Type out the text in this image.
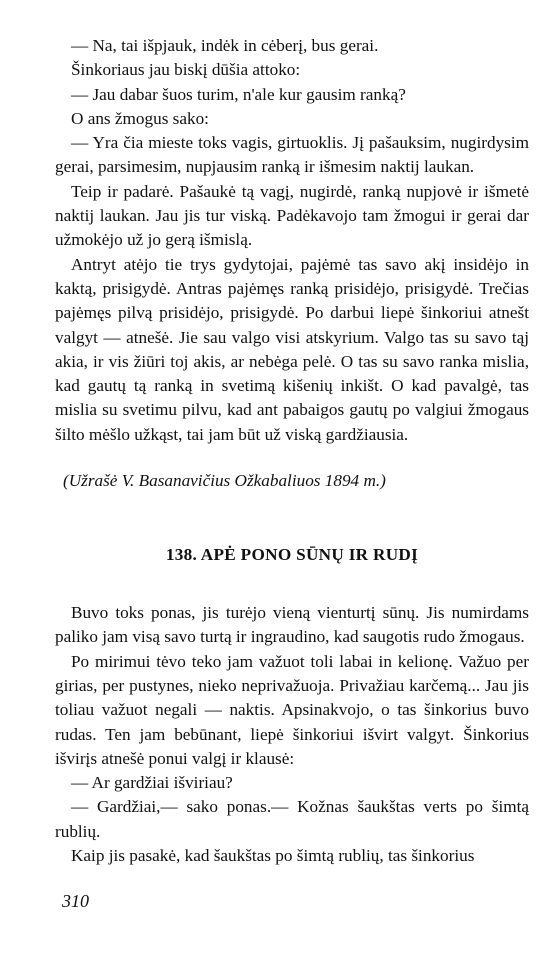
— Na, tai išpjauk, indėk in cėberį, bus gerai.

Šinkoriaus jau biskį dūšia attoko:

— Jau dabar šuos turim, n'ale kur gausim ranką?

O ans žmogus sako:

— Yra čia mieste toks vagis, girtuoklis. Jį pašauksim, nugirdysim gerai, parsimesim, nupjausim ranką ir išmesim naktij laukan.

Teip ir padarė. Pašaukė tą vagį, nugirdė, ranką nupjovė ir išmetė naktij laukan. Jau jis tur viską. Padėkavojo tam žmogui ir gerai dar užmokėjo už jo gerą išmislą.

Antryt atėjo tie trys gydytojai, pajėmė tas savo akį insidėjo in kaktą, prisigydė. Antras pajėmęs ranką prisidėjo, prisigydė. Trečias pajėmęs pilvą prisidėjo, prisigydė. Po darbui liepė šinkoriui atnešt valgyt — atnešė. Jie sau valgo visi atskyrium. Valgo tas su savo tąj akia, ir vis žiūri toj akis, ar nebėga pelė. O tas su savo ranka mislia, kad gautų tą ranką in svetimą kišenių inkišt. O kad pavalgė, tas mislia su svetimu pilvu, kad ant pabaigos gautų po valgiui žmogaus šilto mėšlo užkąst, tai jam būt už viską gardžiausia.

(Užrašė V. Basanavičius Ožkabaliuos 1894 m.)

138. APĖ PONO SŪNŲ IR RUDĮ

Buvo toks ponas, jis turėjo vieną vienturtį sūnų. Jis numirdams paliko jam visą savo turtą ir ingraudino, kad saugotis rudo žmogaus.

Po mirimui tėvo teko jam važuot toli labai in kelionę. Važuo per girias, per pustynes, nieko neprivažuoja. Privažiau karčemą... Jau jis toliau važuot negali — naktis. Apsinakvojo, o tas šinkorius buvo rudas. Ten jam bebūnant, liepė šinkoriui išvirt valgyt. Šinkorius išvirįs atnešė ponui valgį ir klausė:

— Ar gardžiai išviriau?

— Gardžiai,— sako ponas.— Kožnas šaukštas verts po šimtą rublių.

Kaip jis pasakė, kad šaukštas po šimtą rublių, tas šinkorius

310
